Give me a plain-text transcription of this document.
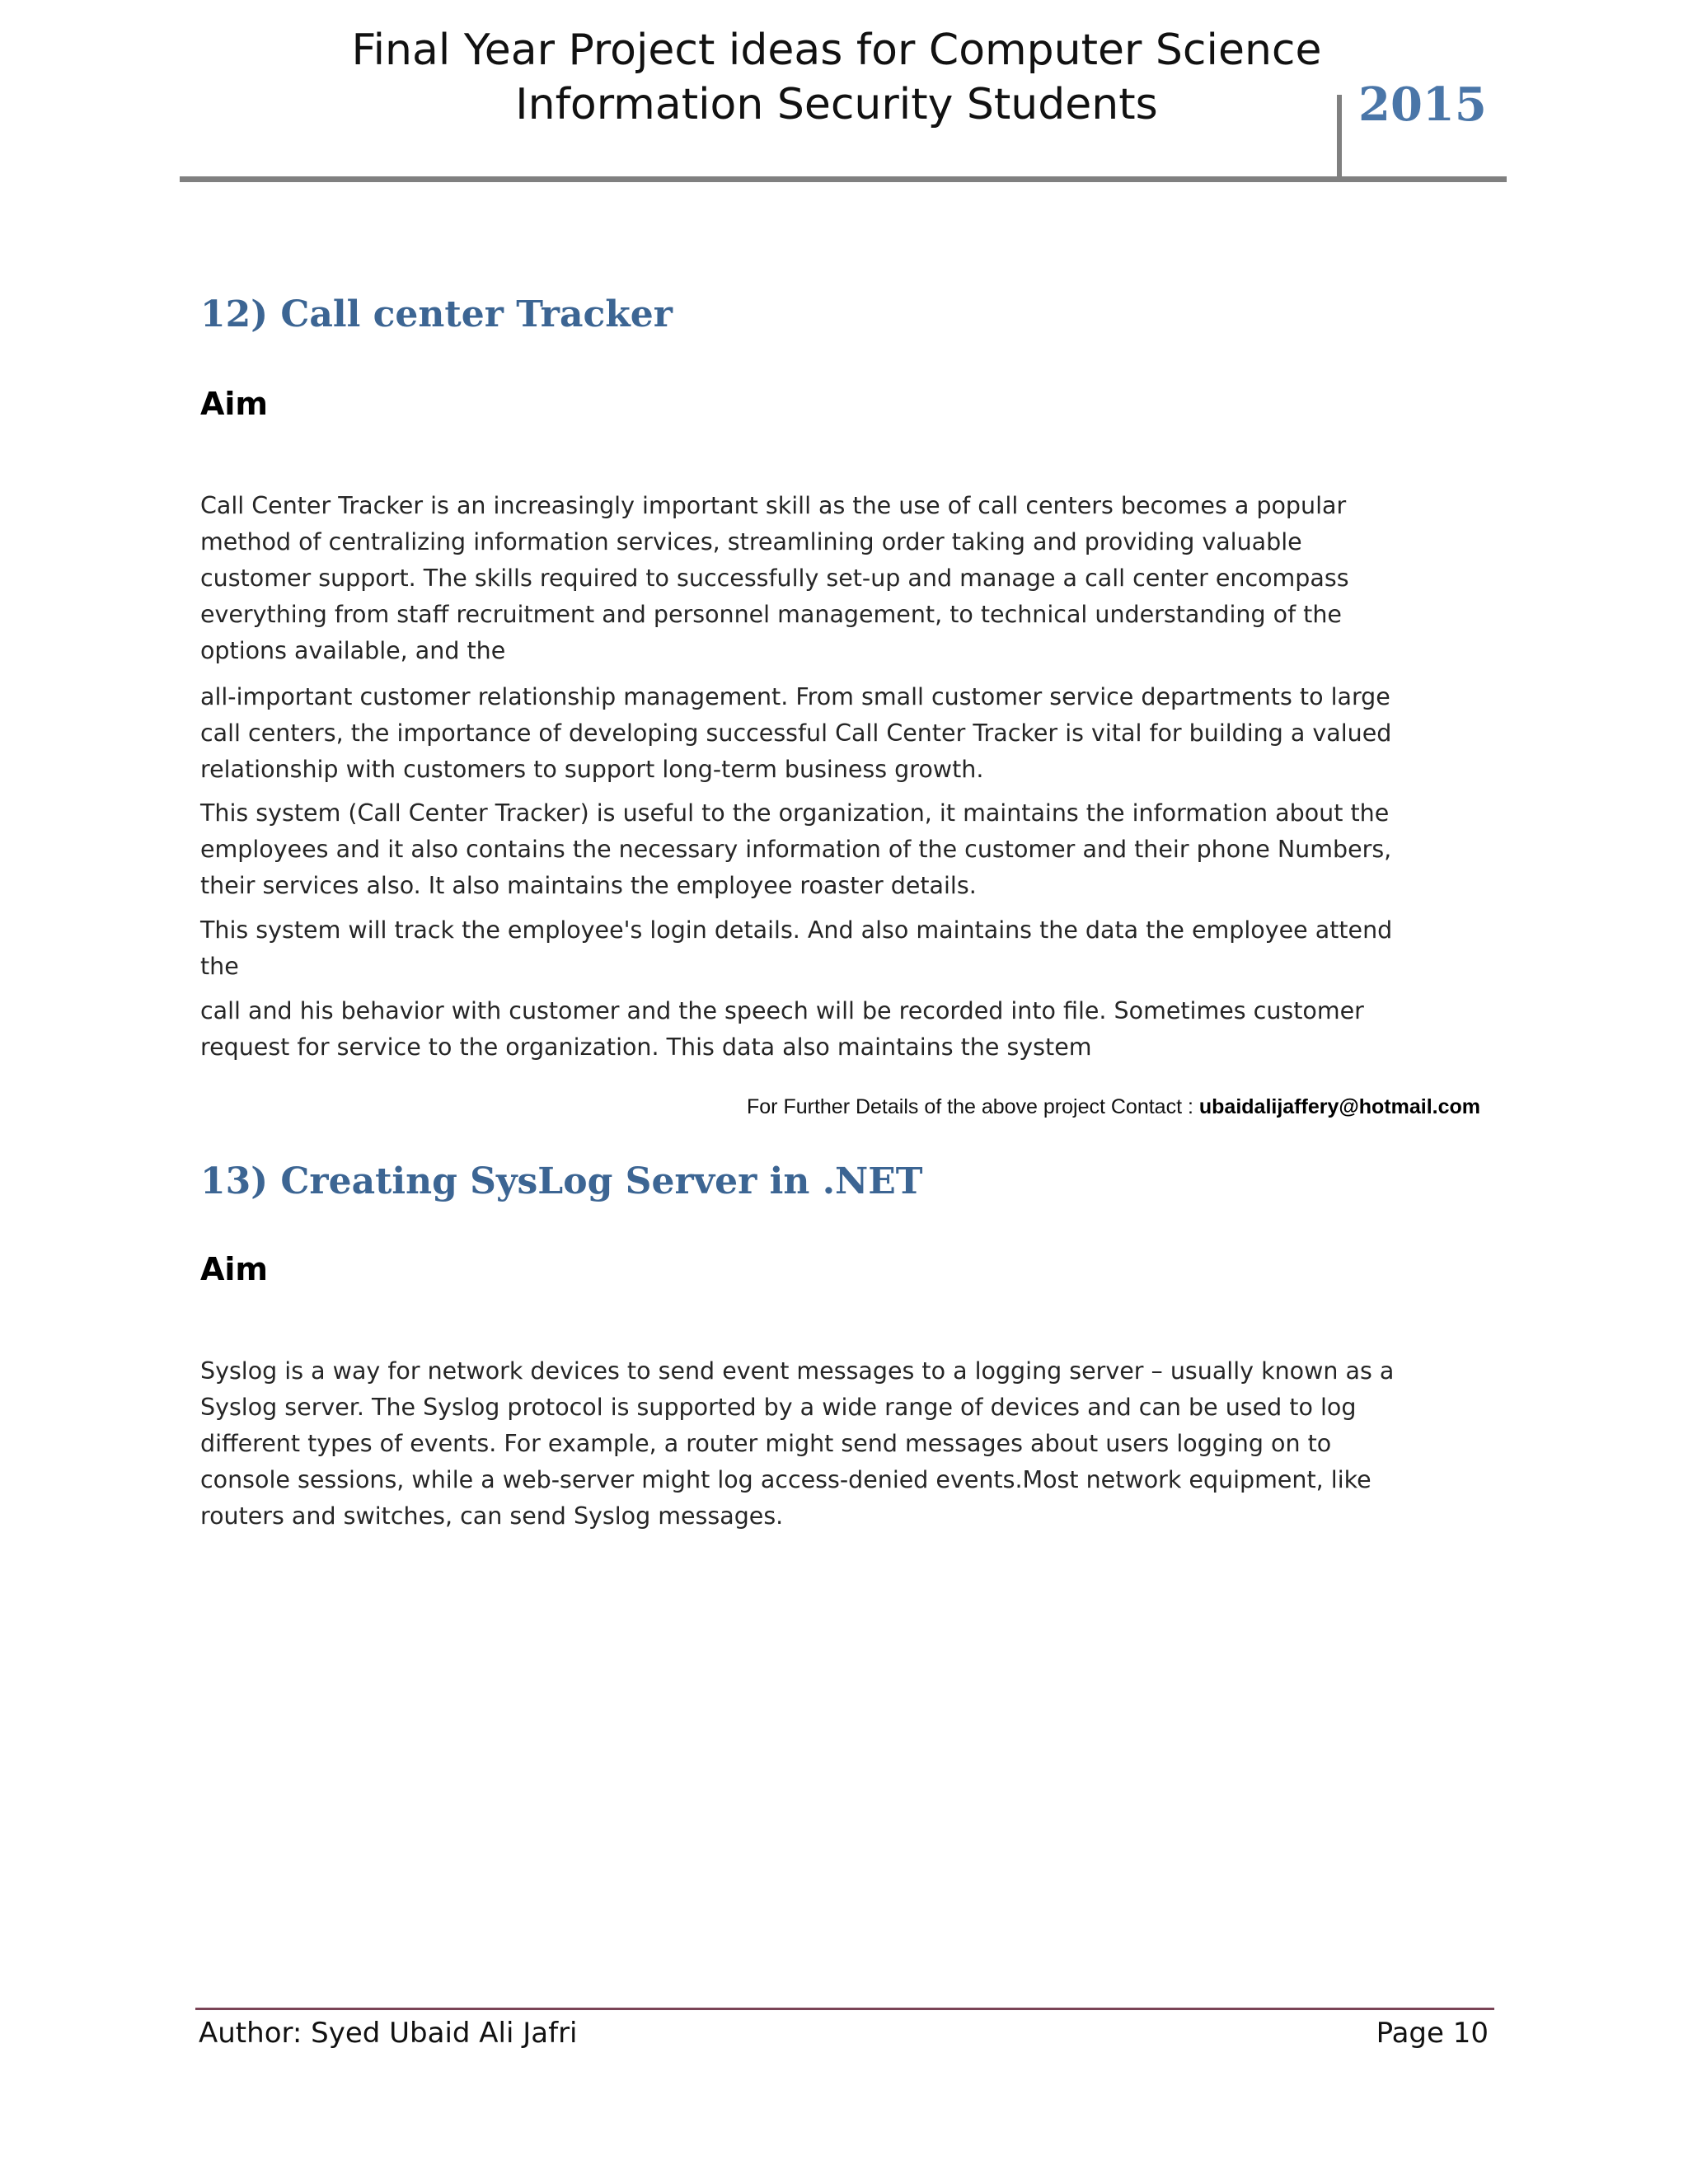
Final Year Project ideas for Computer Science
Information Security Students	2015
12) Call center Tracker
Aim
Call Center Tracker is an increasingly important skill as the use of call centers becomes a popular
method of centralizing information services, streamlining order taking and providing valuable
customer support. The skills required to successfully set-up and manage a call center encompass
everything from staff recruitment and personnel management, to technical understanding of the
options available, and the
all-important customer relationship management. From small customer service departments to large
call centers, the importance of developing successful Call Center Tracker is vital for building a valued
relationship with customers to support long-term business growth.
This system (Call Center Tracker) is useful to the organization, it maintains the information about the
employees and it also contains the necessary information of the customer and their phone Numbers,
their services also. It also maintains the employee roaster details.
This system will track the employee's login details. And also maintains the data the employee attend
the
call and his behavior with customer and the speech will be recorded into file. Sometimes customer
request for service to the organization. This data also maintains the system
For Further Details of the above project Contact : ubaidalijaffery@hotmail.com
13) Creating SysLog Server in .NET
Aim
Syslog is a way for network devices to send event messages to a logging server – usually known as a
Syslog server. The Syslog protocol is supported by a wide range of devices and can be used to log
different types of events. For example, a router might send messages about users logging on to
console sessions, while a web-server might log access-denied events.Most network equipment, like
routers and switches, can send Syslog messages.
Author: Syed Ubaid Ali Jafri	Page 10
